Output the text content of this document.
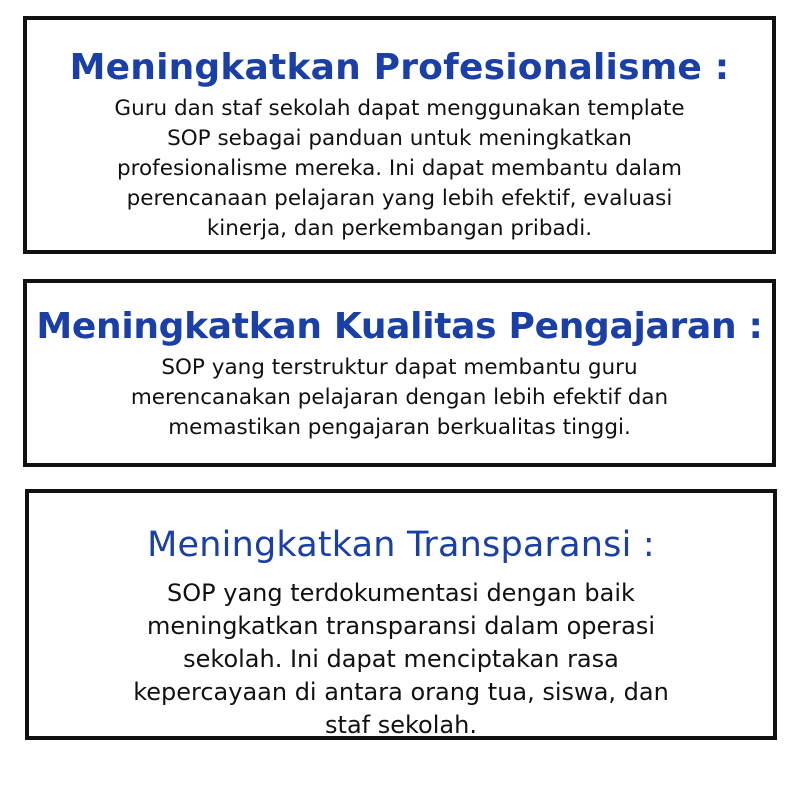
Meningkatkan Profesionalisme :

Guru dan staf sekolah dapat menggunakan template
SOP sebagai panduan untuk meningkatkan
profesionalisme mereka. Ini dapat membantu dalam
perencanaan pelajaran yang lebih efektif, evaluasi
kinerja, dan perkembangan pribadi.

Meningkatkan Kualitas Pengajaran :

SOP yang terstruktur dapat membantu guru
merencanakan pelajaran dengan lebih efektif dan
memastikan pengajaran berkualitas tinggi.

Meningkatkan Transparansi :

SOP yang terdokumentasi dengan baik
meningkatkan transparansi dalam operasi
sekolah. Ini dapat menciptakan rasa
kepercayaan di antara orang tua, siswa, dan
staf sekolah.
